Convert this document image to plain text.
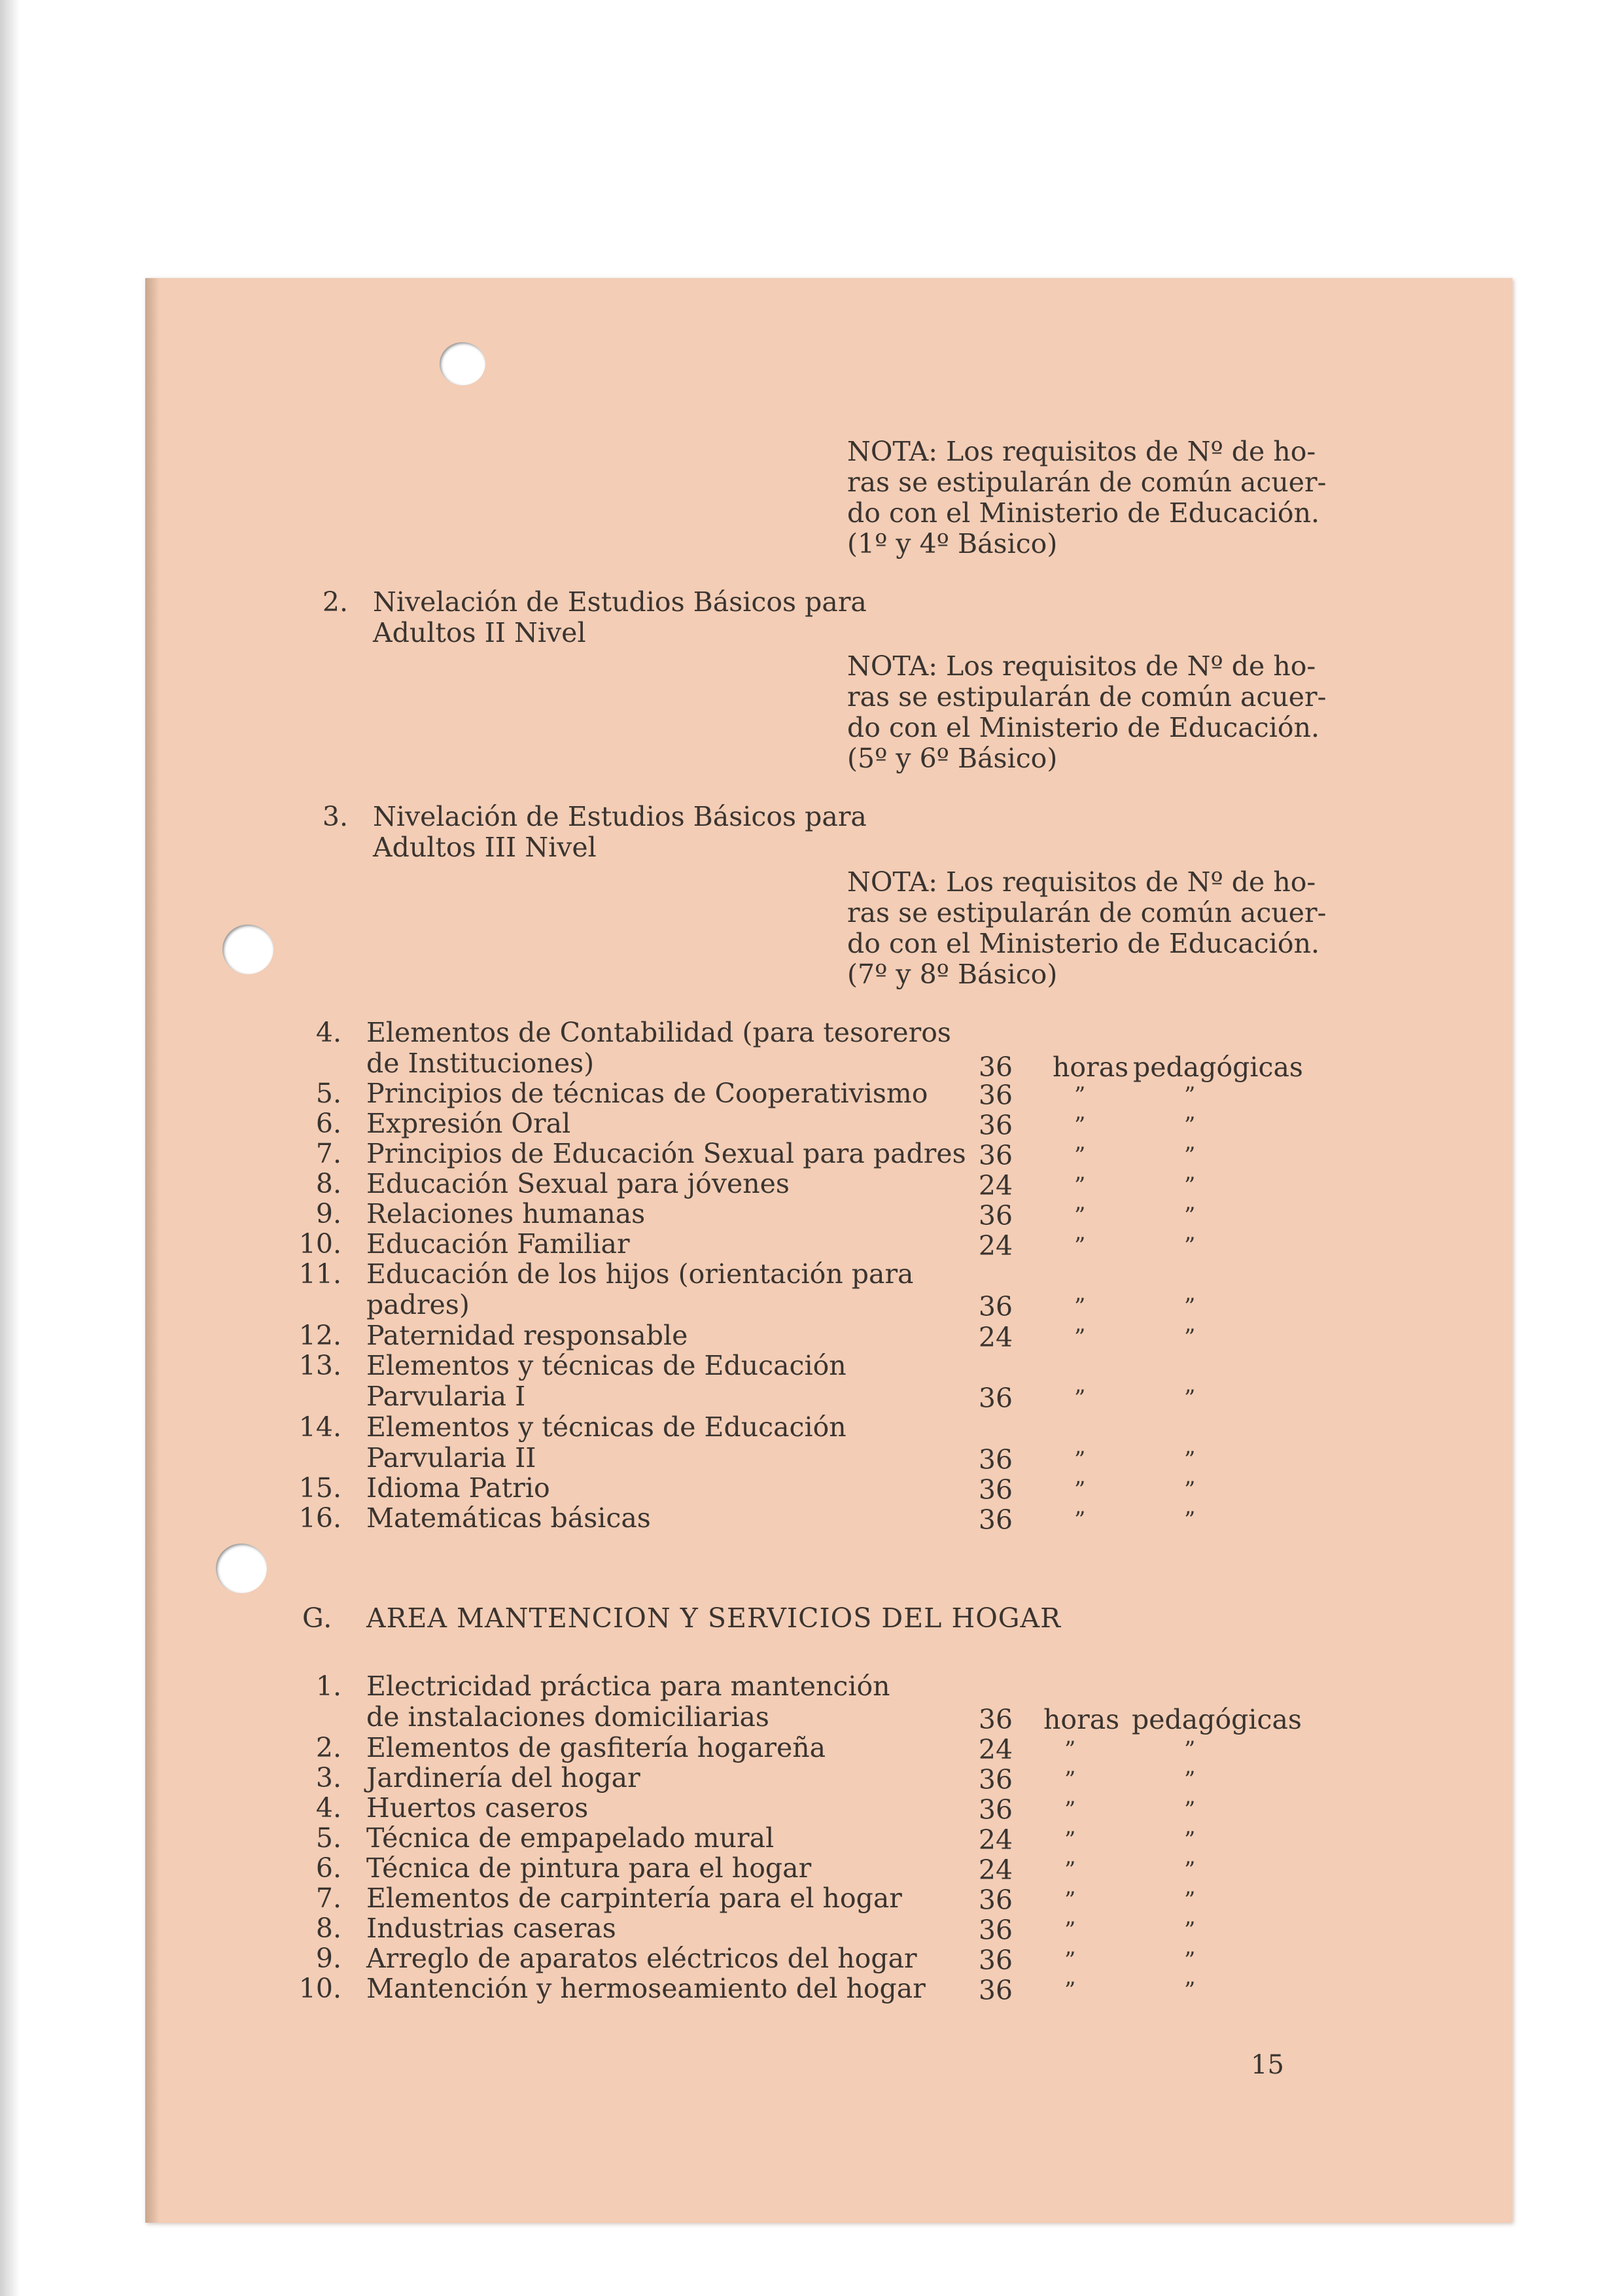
NOTA: Los requisitos de Nº de ho-
ras se estipularán de común acuer-
do con el Ministerio de Educación.
(1º y 4º Básico)
2. Nivelación de Estudios Básicos para
Adultos II Nivel
NOTA: Los requisitos de Nº de ho-
ras se estipularán de común acuer-
do con el Ministerio de Educación.
(5º y 6º Básico)
3. Nivelación de Estudios Básicos para
Adultos III Nivel
NOTA: Los requisitos de Nº de ho-
ras se estipularán de común acuer-
do con el Ministerio de Educación.
(7º y 8º Básico)
4. Elementos de Contabilidad (para tesoreros
de Instituciones)	36	horas pedagógicas
5. Principios de técnicas de Cooperativismo	36	”	”
6. Expresión Oral	36	”	”
7. Principios de Educación Sexual para padres 36	”	”
8. Educación Sexual para jóvenes	24	”	”
9. Relaciones humanas	36	”	”
10. Educación Familiar	24	”	”
11. Educación de los hijos (orientación para
padres)	36	”	”
12. Paternidad responsable	24	”	”
13. Elementos y técnicas de Educación
Parvularia I	36	”	”
14. Elementos y técnicas de Educación
Parvularia II	36	”	”
15. Idioma Patrio	36	”	”
16. Matemáticas básicas	36	”	”
G. AREA MANTENCION Y SERVICIOS DEL HOGAR
1. Electricidad práctica para mantención
de instalaciones domiciliarias	36	horas pedagógicas
2. Elementos de gasfitería hogareña	24	”	”
3. Jardinería del hogar	36	”	”
4. Huertos caseros	36	”	”
5. Técnica de empapelado mural	24	”	”
6. Técnica de pintura para el hogar	24	”	”
7. Elementos de carpintería para el hogar	36	”	”
8. Industrias caseras	36	”	”
9. Arreglo de aparatos eléctricos del hogar	36	”	”
10. Mantención y hermoseamiento del hogar	36	”	”
15
